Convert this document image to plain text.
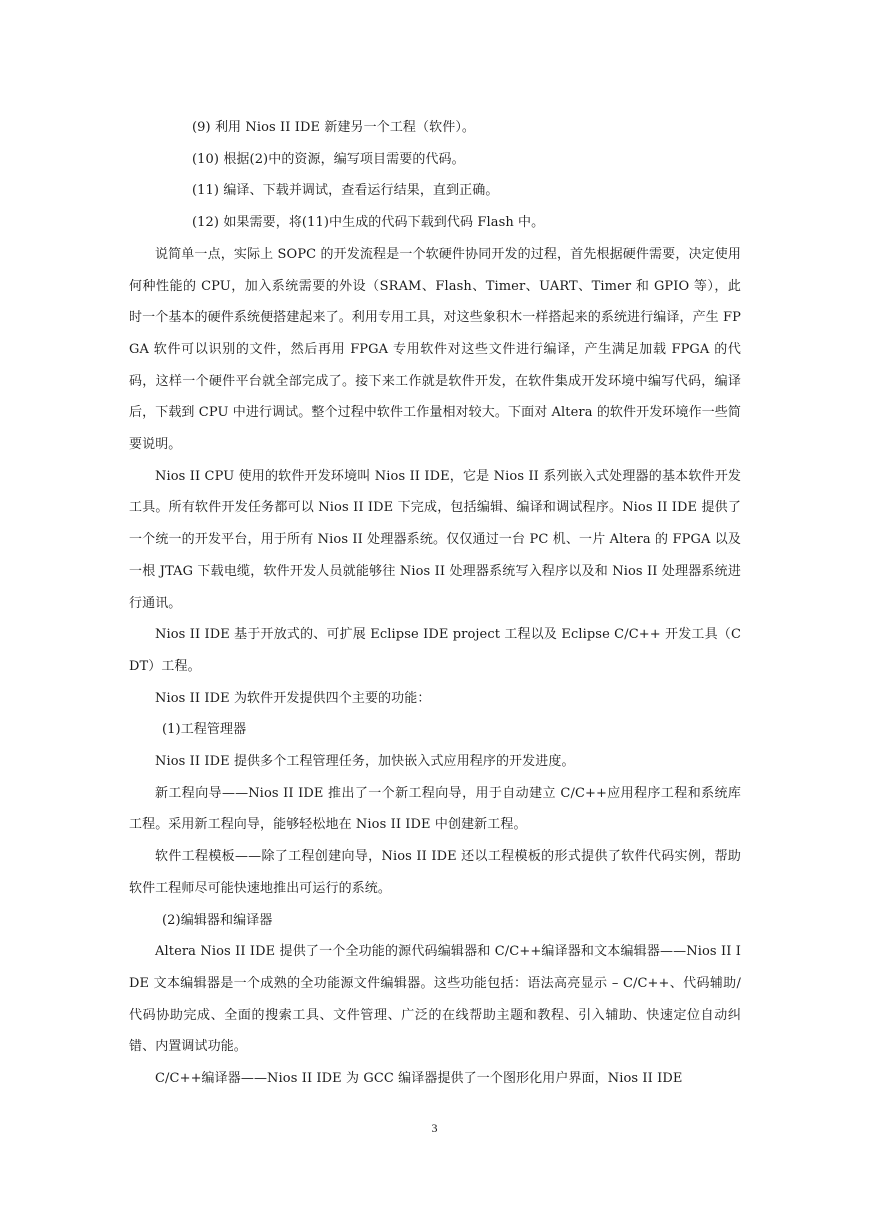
(9) 利用 Nios II IDE 新建另一个工程（软件）。

(10) 根据(2)中的资源，编写项目需要的代码。

(11) 编译、下载并调试，查看运行结果，直到正确。

(12) 如果需要，将(11)中生成的代码下载到代码 Flash 中。

说简单一点，实际上 SOPC 的开发流程是一个软硬件协同开发的过程，首先根据硬件需要，决定使用何种性能的 CPU，加入系统需要的外设（SRAM、Flash、Timer、UART、Timer 和 GPIO 等），此时一个基本的硬件系统便搭建起来了。利用专用工具，对这些象积木一样搭起来的系统进行编译，产生 FPGA 软件可以识别的文件，然后再用 FPGA 专用软件对这些文件进行编译，产生满足加载 FPGA 的代码，这样一个硬件平台就全部完成了。接下来工作就是软件开发，在软件集成开发环境中编写代码，编译后，下载到 CPU 中进行调试。整个过程中软件工作量相对较大。下面对 Altera 的软件开发环境作一些简要说明。

Nios II CPU 使用的软件开发环境叫 Nios II IDE，它是 Nios II 系列嵌入式处理器的基本软件开发工具。所有软件开发任务都可以 Nios II IDE 下完成，包括编辑、编译和调试程序。Nios II IDE 提供了一个统一的开发平台，用于所有 Nios II 处理器系统。仅仅通过一台 PC 机、一片 Altera 的 FPGA 以及一根 JTAG 下载电缆，软件开发人员就能够往 Nios II 处理器系统写入程序以及和 Nios II 处理器系统进行通讯。

Nios II IDE 基于开放式的、可扩展 Eclipse IDE project 工程以及 Eclipse C/C++ 开发工具（CDT）工程。

Nios II IDE 为软件开发提供四个主要的功能：

(1)工程管理器

Nios II IDE 提供多个工程管理任务，加快嵌入式应用程序的开发进度。

新工程向导——Nios II IDE 推出了一个新工程向导，用于自动建立 C/C++应用程序工程和系统库工程。采用新工程向导，能够轻松地在 Nios II IDE 中创建新工程。

软件工程模板——除了工程创建向导，Nios II IDE 还以工程模板的形式提供了软件代码实例，帮助软件工程师尽可能快速地推出可运行的系统。

(2)编辑器和编译器

Altera Nios II IDE 提供了一个全功能的源代码编辑器和 C/C++编译器和文本编辑器——Nios II IDE 文本编辑器是一个成熟的全功能源文件编辑器。这些功能包括：语法高亮显示 – C/C++、代码辅助/代码协助完成、全面的搜索工具、文件管理、广泛的在线帮助主题和教程、引入辅助、快速定位自动纠错、内置调试功能。

C/C++编译器——Nios II IDE 为 GCC 编译器提供了一个图形化用户界面，Nios II IDE

3
